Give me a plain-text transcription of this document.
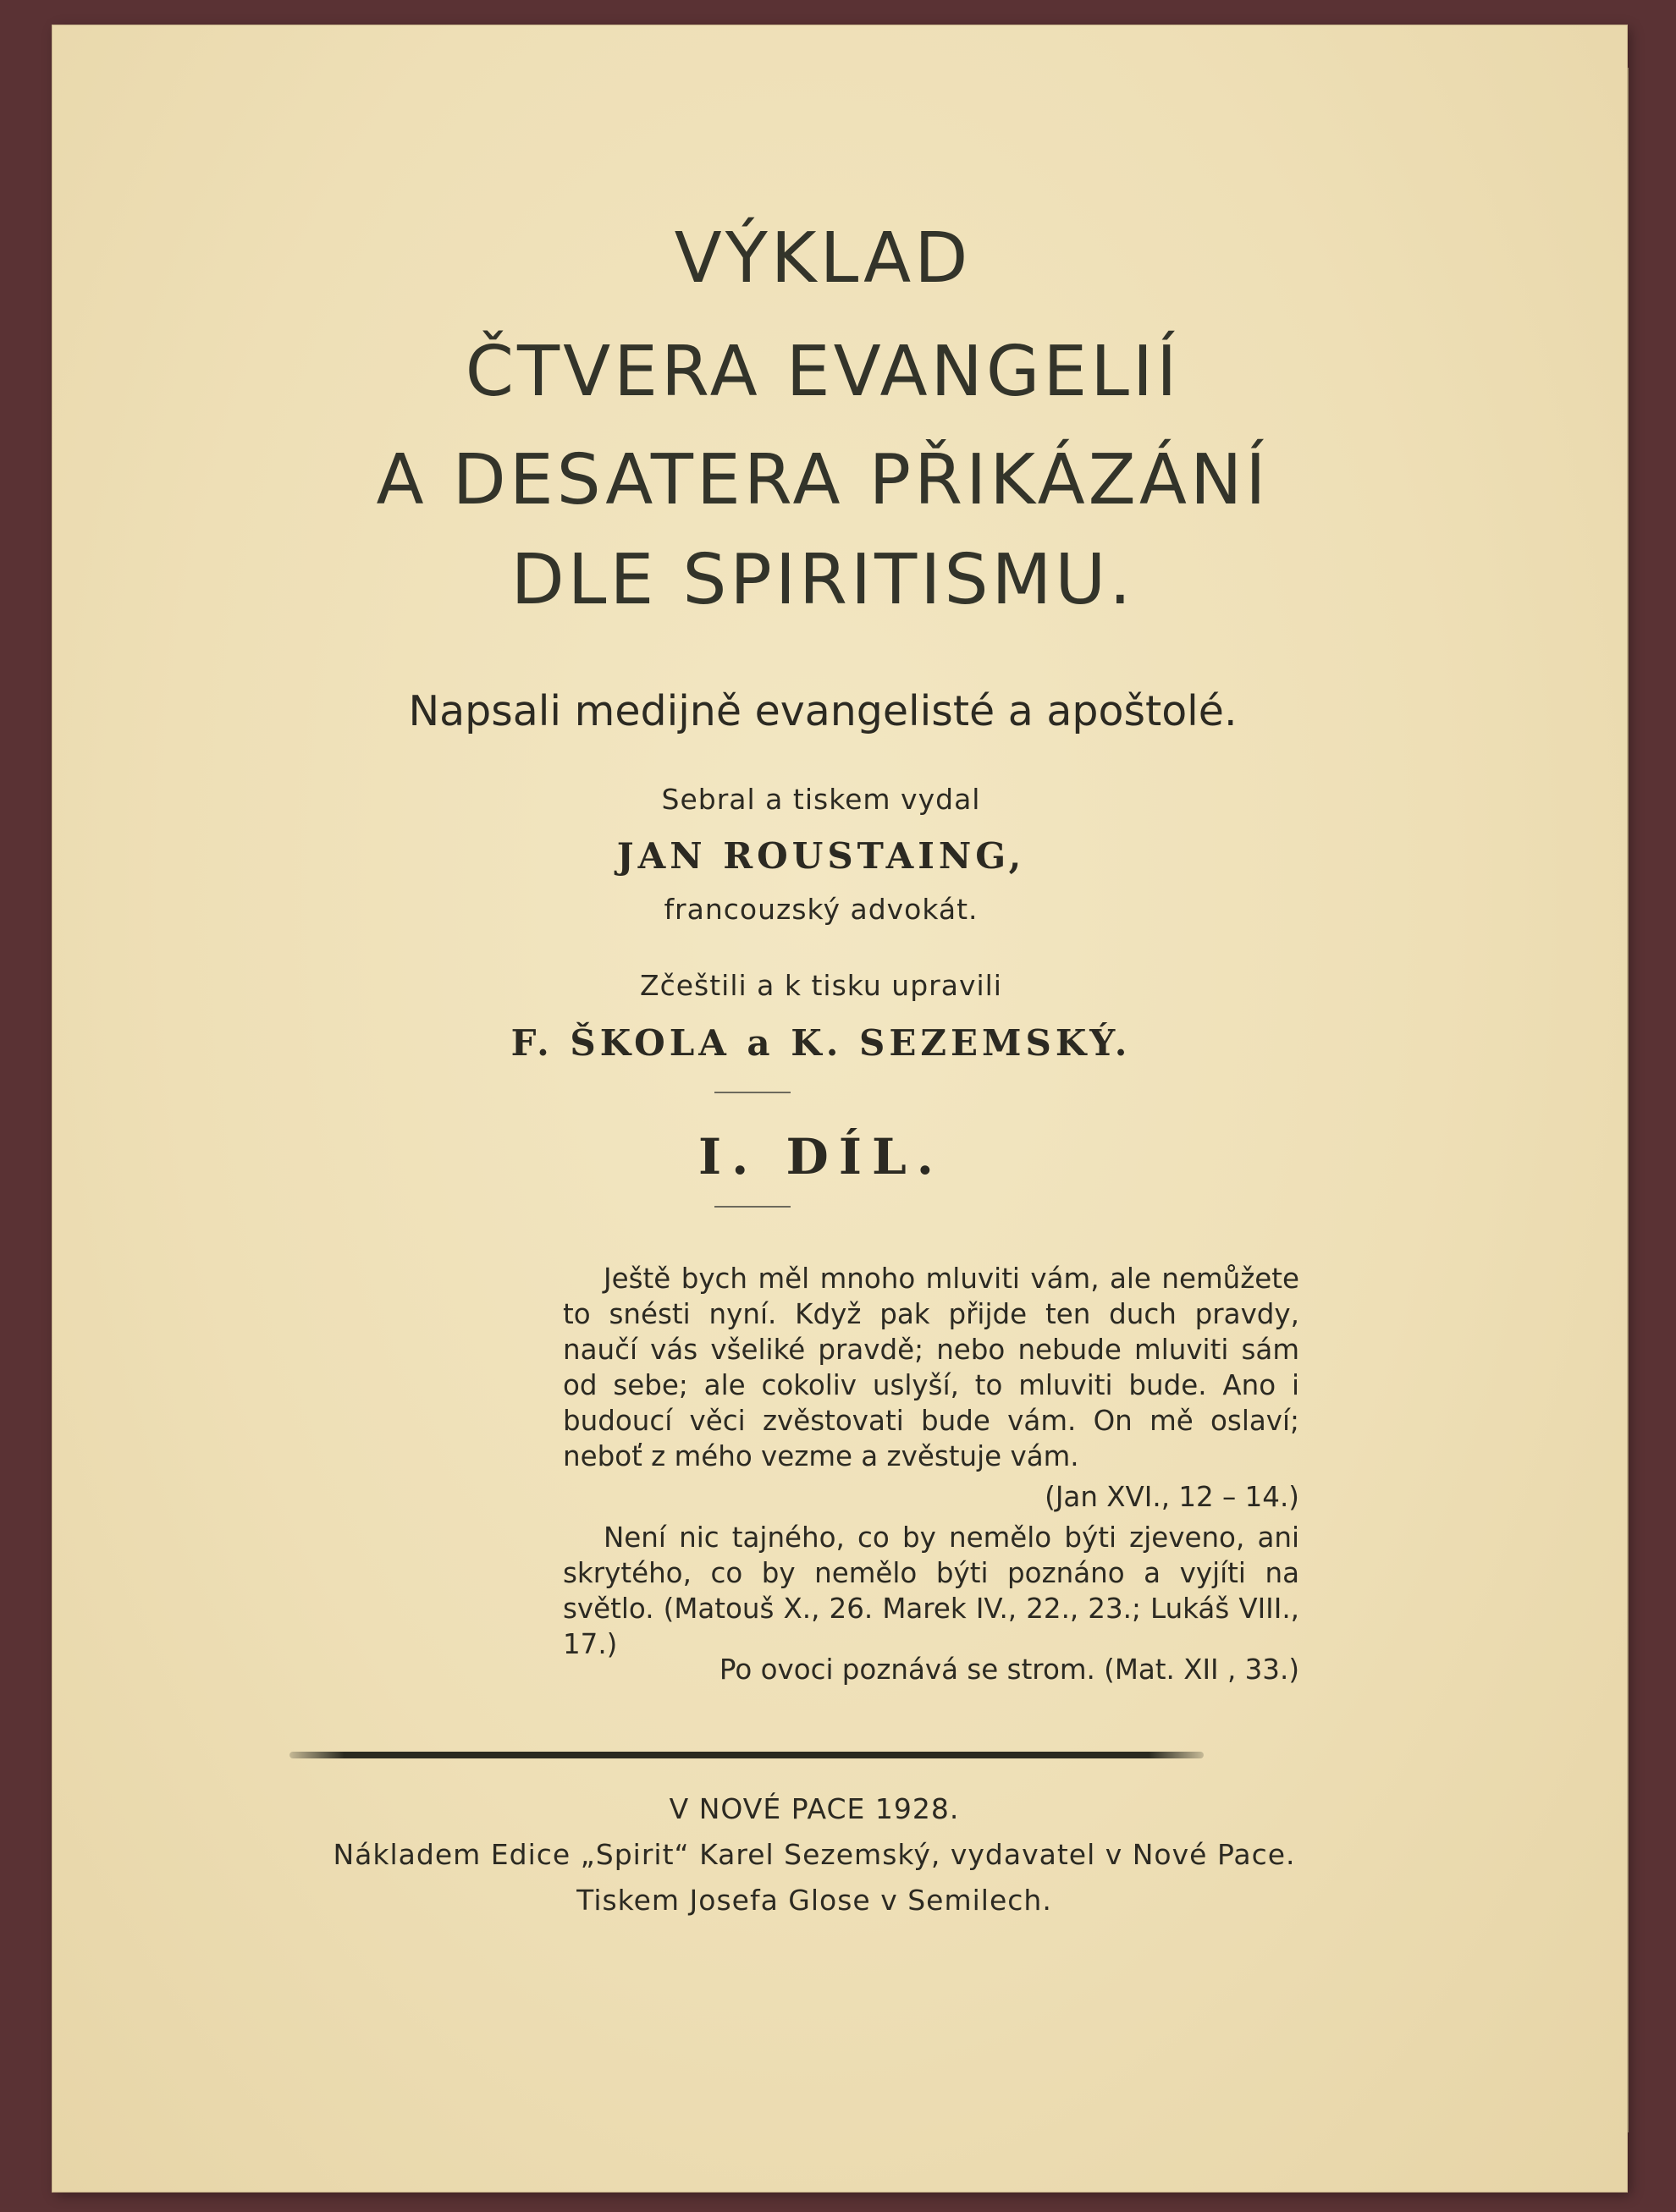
VÝKLAD
ČTVERA EVANGELIÍ
A DESATERA PŘIKÁZÁNÍ
DLE SPIRITISMU.
Napsali medijně evangelisté a apoštolé.
Sebral a tiskem vydal
JAN ROUSTAING,
francouzský advokát.
Zčeštili a k tisku upravili
F. ŠKOLA a K. SEZEMSKÝ.
I. DÍL.
Ještě bych měl mnoho mluviti vám, ale nemůžete to snésti nyní. Když pak přijde ten duch pravdy, naučí vás všeliké pravdě; nebo nebude mluviti sám od sebe; ale cokoliv uslyší, to mluviti bude. Ano i budoucí věci zvěstovati bude vám. On mě oslaví; neboť z mého vezme a zvěstuje vám.
(Jan XVI., 12 – 14.)
Není nic tajného, co by nemělo býti zjeveno, ani skrytého, co by nemělo býti poznáno a vyjíti na světlo. (Matouš X., 26. Marek IV., 22., 23.; Lukáš VIII., 17.)
Po ovoci poznává se strom. (Mat. XII , 33.)
V NOVÉ PACE 1928.
Nákladem Edice „Spirit“ Karel Sezemský, vydavatel v Nové Pace.
Tiskem Josefa Glose v Semilech.
